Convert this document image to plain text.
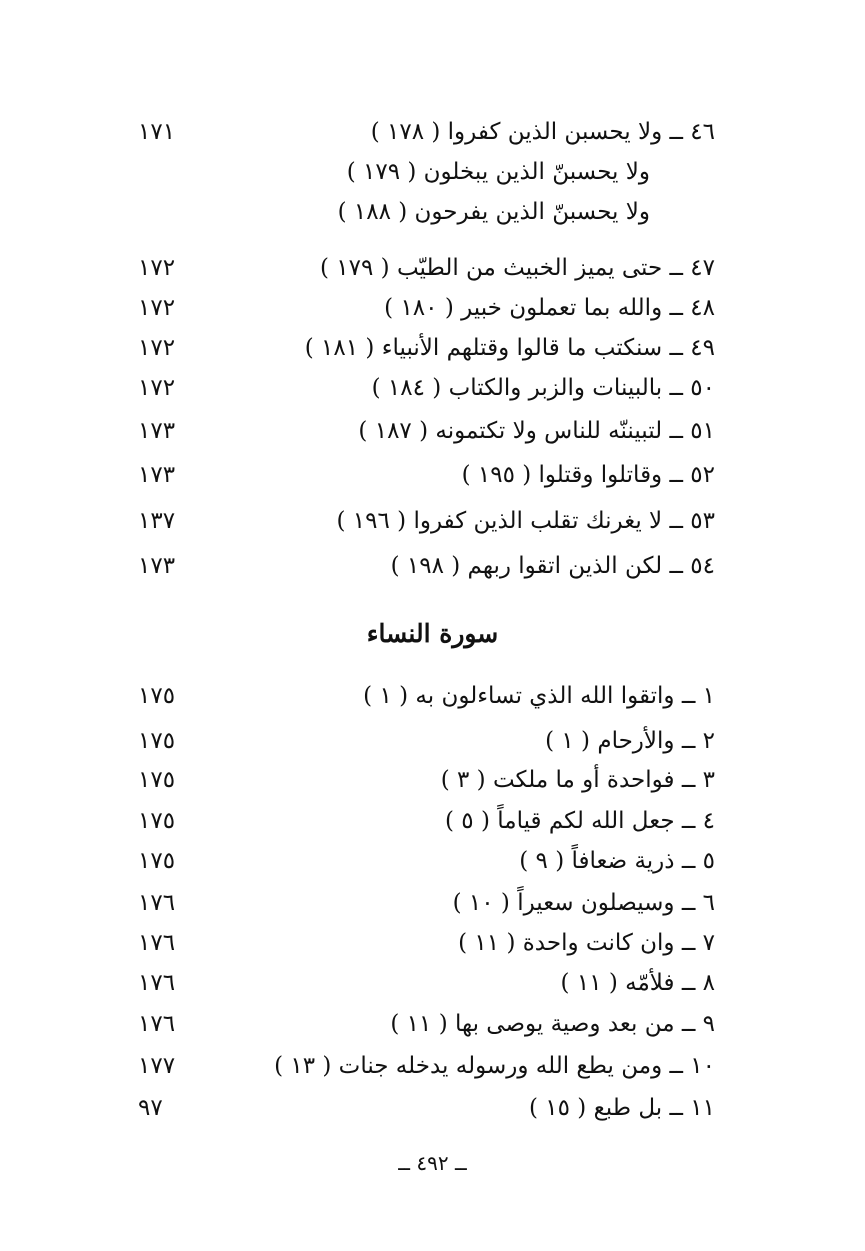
٤٦ ــ ولا يحسبن الذين كفروا ( ١٧٨ )
١٧١
ولا يحسبنّ الذين يبخلون ( ١٧٩ )
ولا يحسبنّ الذين يفرحون ( ١٨٨ )
٤٧ ــ حتى يميز الخبيث من الطيّب ( ١٧٩ )
١٧٢
٤٨ ــ والله بما تعملون خبير ( ١٨٠ )
١٧٢
٤٩ ــ سنكتب ما قالوا وقتلهم الأنبياء ( ١٨١ )
١٧٢
٥٠ ــ بالبينات والزبر والكتاب ( ١٨٤ )
١٧٢
٥١ ــ لتبيننّه للناس ولا تكتمونه ( ١٨٧ )
١٧٣
٥٢ ــ وقاتلوا وقتلوا ( ١٩٥ )
١٧٣
٥٣ ــ لا يغرنك تقلب الذين كفروا ( ١٩٦ )
١٣٧
٥٤ ــ لكن الذين اتقوا ربهم ( ١٩٨ )
١٧٣
سورة النساء
١ ــ واتقوا الله الذي تساءلون به ( ١ )
١٧٥
٢ ــ والأرحام ( ١ )
١٧٥
٣ ــ فواحدة أو ما ملكت ( ٣ )
١٧٥
٤ ــ جعل الله لكم قياماً ( ٥ )
١٧٥
٥ ــ ذرية ضعافاً ( ٩ )
١٧٥
٦ ــ وسيصلون سعيراً ( ١٠ )
١٧٦
٧ ــ وان كانت واحدة ( ١١ )
١٧٦
٨ ــ فلأمّه ( ١١ )
١٧٦
٩ ــ من بعد وصية يوصى بها ( ١١ )
١٧٦
١٠ ــ ومن يطع الله ورسوله يدخله جنات ( ١٣ )
١٧٧
١١ ــ بل طبع ( ١٥ )
٩٧
ــ ٤٩٢ ــ
